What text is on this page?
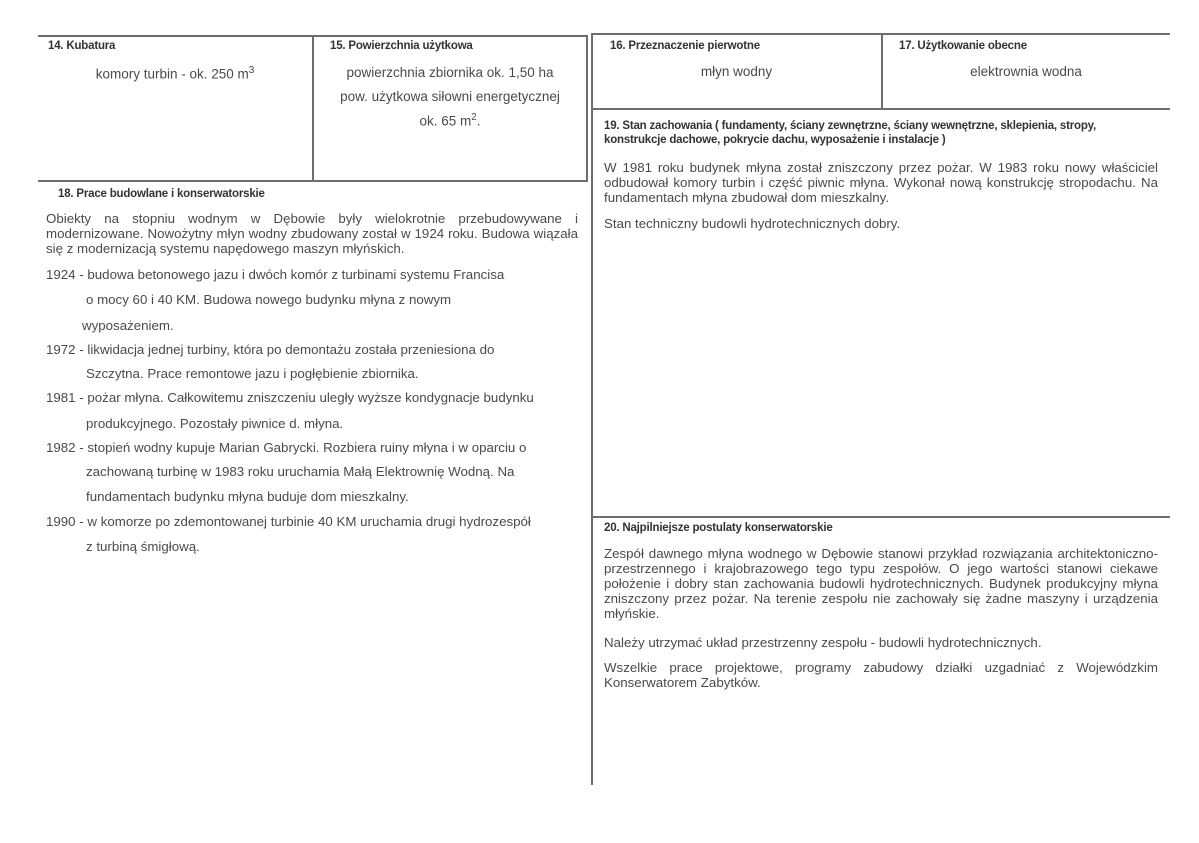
14. Kubatura
komory turbin - ok. 250 $m^3$
15. Powierzchnia użytkowa
powierzchnia zbiornika ok. 1,50 ha
pow. użytkowa siłowni energetycznej
ok. 65 $m^2$.
16. Przeznaczenie pierwotne
młyn wodny
17. Użytkowanie obecne
elektrownia wodna
18. Prace budowlane i konserwatorskie
Obiekty na stopniu wodnym w Dębowie były wielokrotnie przebudowywane i modernizowane. Nowożytny młyn wodny zbudowany został w 1924 roku. Budowa wiązała się z modernizacją systemu napędowego maszyn młyńskich.
1924 - budowa betonowego jazu i dwóch komór z turbinami systemu Francisa
o mocy 60 i 40 KM. Budowa nowego budynku młyna z nowym
wyposażeniem.
1972 - likwidacja jednej turbiny, która po demontażu została przeniesiona do
Szczytna. Prace remontowe jazu i pogłębienie zbiornika.
1981 - pożar młyna. Całkowitemu zniszczeniu uległy wyższe kondygnacje budynku
produkcyjnego. Pozostały piwnice d. młyna.
1982 - stopień wodny kupuje Marian Gabrycki. Rozbiera ruiny młyna i w oparciu o
zachowaną turbinę w 1983 roku uruchamia Małą Elektrownię Wodną. Na
fundamentach budynku młyna buduje dom mieszkalny.
1990 - w komorze po zdemontowanej turbinie 40 KM uruchamia drugi hydrozespół
z turbiną śmigłową.
19. Stan zachowania ( fundamenty, ściany zewnętrzne, ściany wewnętrzne, sklepienia, stropy,
konstrukcje dachowe, pokrycie dachu, wyposażenie i instalacje )
W 1981 roku budynek młyna został zniszczony przez pożar. W 1983 roku nowy właściciel odbudował komory turbin i część piwnic młyna. Wykonał nową konstrukcję stropodachu. Na fundamentach młyna zbudował dom mieszkalny.
Stan techniczny budowli hydrotechnicznych dobry.
20. Najpilniejsze postulaty konserwatorskie
Zespół dawnego młyna wodnego w Dębowie stanowi przykład rozwiązania architektoniczno-przestrzennego i krajobrazowego tego typu zespołów. O jego wartości stanowi ciekawe położenie i dobry stan zachowania budowli hydrotechnicznych. Budynek produkcyjny młyna zniszczony przez pożar. Na terenie zespołu nie zachowały się żadne maszyny i urządzenia młyńskie.
Należy utrzymać układ przestrzenny zespołu - budowli hydrotechnicznych.
Wszelkie prace projektowe, programy zabudowy działki uzgadniać z Wojewódzkim Konserwatorem Zabytków.
